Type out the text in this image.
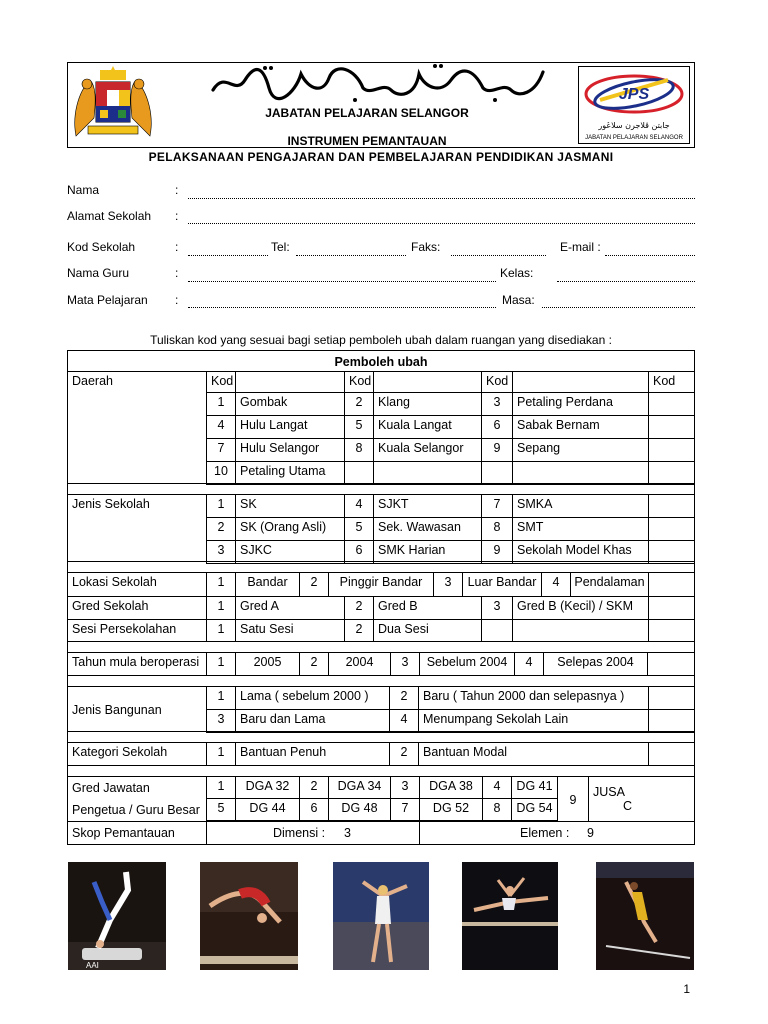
JABATAN PELAJARAN SELANGOR
INSTRUMEN PEMANTAUAN
PELAKSANAAN PENGAJARAN DAN PEMBELAJARAN PENDIDIKAN JASMANI
JPS
جابتن ڤلاجرن سلاڠور
JABATAN PELAJARAN SELANGOR
Nama	:
Alamat Sekolah :
Kod Sekolah	:	Tel:	Faks:	E-mail :
Nama Guru	:	Kelas:
Mata Pelajaran :	Masa:
Tuliskan kod yang sesuai bagi setiap pemboleh ubah dalam ruangan yang disediakan :
Pemboleh ubah
Daerah	Kod	Kod	Kod	Kod
1	Gombak	2	Klang	3	Petaling Perdana
4	Hulu Langat	5	Kuala Langat	6	Sabak Bernam
7	Hulu Selangor	8	Kuala Selangor	9	Sepang
10 Petaling Utama
Jenis Sekolah	1	SK	4	SJKT	7	SMKA
2	SK (Orang Asli)	5	Sek. Wawasan	8	SMT
3	SJKC	6	SMK Harian	9	Sekolah Model Khas
Lokasi Sekolah	1	Bandar	2	Pinggir Bandar	3	Luar Bandar	4	Pendalaman
Gred Sekolah	1	Gred A	2	Gred B	3	Gred B (Kecil) / SKM
Sesi Persekolahan	1	Satu Sesi	2	Dua Sesi
Tahun mula beroperasi	1	2005	2	2004	3	Sebelum 2004	4	Selepas 2004
Jenis Bangunan
1	Lama ( sebelum 2000 )	2	Baru ( Tahun 2000 dan selepasnya )
3	Baru dan Lama	4	Menumpang Sekolah Lain
Kategori Sekolah	1	Bantuan Penuh	2	Bantuan Modal
Gred Jawatan
Pengetua / Guru Besar
1	DGA 32	2	DGA 34	3	DGA 38	4	DG 41
5	DG 44	6	DG 48	7	DG 52	8	DG 54
9
JUSA
C
Skop Pemantauan	Dimensi : 3	Elemen : 9
AAI
1
